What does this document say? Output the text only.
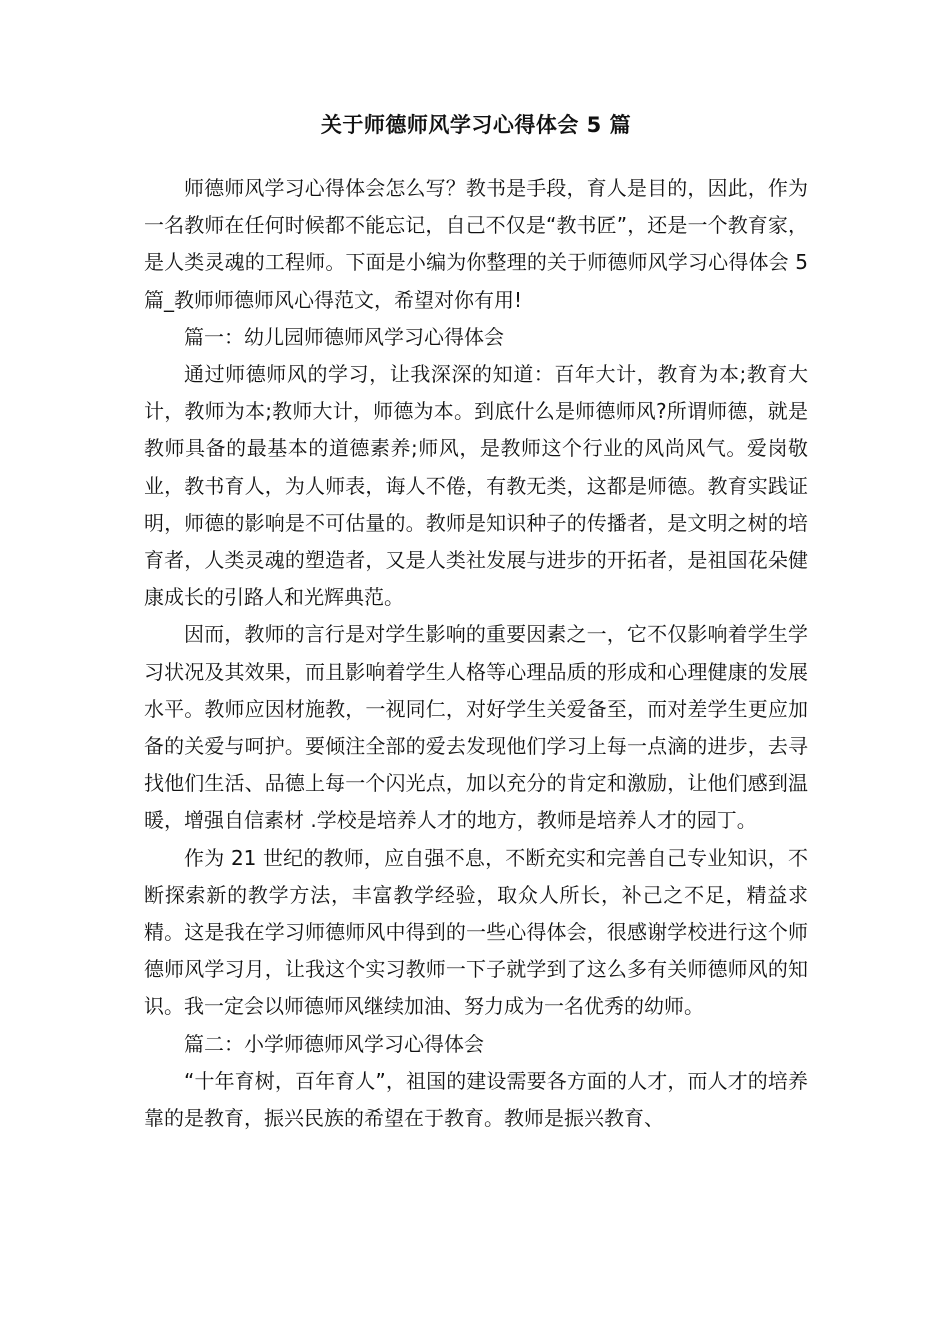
关于师德师风学习心得体会 5 篇

师德师风学习心得体会怎么写？教书是手段，育人是目的，因此，作为一名教师在任何时候都不能忘记，自己不仅是“教书匠”，还是一个教育家，是人类灵魂的工程师。下面是小编为你整理的关于师德师风学习心得体会 5 篇_教师师德师风心得范文，希望对你有用!

篇一：幼儿园师德师风学习心得体会

通过师德师风的学习，让我深深的知道：百年大计，教育为本;教育大计，教师为本;教师大计，师德为本。到底什么是师德师风?所谓师德，就是教师具备的最基本的道德素养;师风，是教师这个行业的风尚风气。爱岗敬业，教书育人，为人师表，诲人不倦，有教无类，这都是师德。教育实践证明，师德的影响是不可估量的。教师是知识种子的传播者，是文明之树的培育者，人类灵魂的塑造者，又是人类社发展与进步的开拓者，是祖国花朵健康成长的引路人和光辉典范。

因而，教师的言行是对学生影响的重要因素之一，它不仅影响着学生学习状况及其效果，而且影响着学生人格等心理品质的形成和心理健康的发展水平。教师应因材施教，一视同仁，对好学生关爱备至，而对差学生更应加备的关爱与呵护。要倾注全部的爱去发现他们学习上每一点滴的进步，去寻找他们生活、品德上每一个闪光点，加以充分的肯定和激励，让他们感到温暖，增强自信素材 .学校是培养人才的地方，教师是培养人才的园丁。

作为 21 世纪的教师，应自强不息，不断充实和完善自己专业知识，不断探索新的教学方法，丰富教学经验，取众人所长，补己之不足，精益求精。这是我在学习师德师风中得到的一些心得体会，很感谢学校进行这个师德师风学习月，让我这个实习教师一下子就学到了这么多有关师德师风的知识。我一定会以师德师风继续加油、努力成为一名优秀的幼师。

篇二：小学师德师风学习心得体会

“十年育树，百年育人”，祖国的建设需要各方面的人才，而人才的培养靠的是教育，振兴民族的希望在于教育。教师是振兴教育、
